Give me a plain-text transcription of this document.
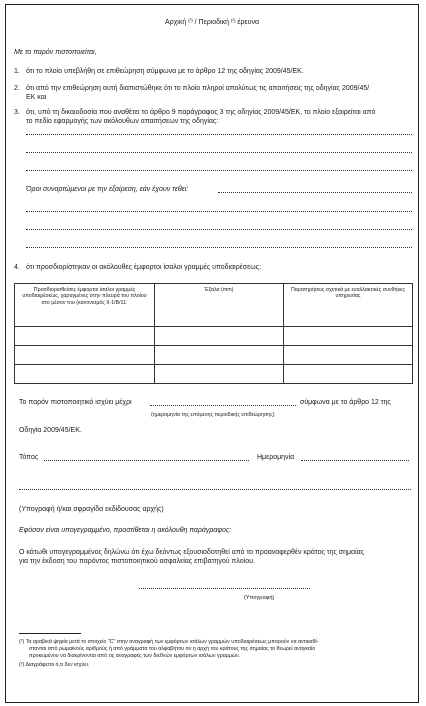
Αρχική $^{(^2)}$ / Περιοδική $^{(^2)}$ έρευνα
Με το παρόν πιστοποιείται,
1. ότι το πλοίο υπεβλήθη σε επιθεώρηση σύμφωνα με το άρθρο 12 της οδηγίας 2009/45/ΕΚ.
2. ότι από την επιθεώρηση αυτή διαπιστώθηκε ότι το πλοίο πληροί απολύτως τις απαιτήσεις της οδηγίας 2009/45/
ΕΚ και
3. ότι, υπό τη δικαιοδοσία που αναθέτει το άρθρο 9 παράγραφος 3 της οδηγίας 2009/45/ΕΚ, το πλοίο εξαιρείται από
το πεδίο εφαρμογής των ακόλουθων απαιτήσεων της οδηγίας:
Όροι συναρτώμενοι με την εξαίρεση, εάν έχουν τεθεί:
4. ότι προσδιορίστηκαν οι ακόλουθες έμφορτοι ίσαλοι γραμμές υποδιαιρέσεως:
Προσδιορισθείσες έμφορτοι ίσαλοι γραμμές υποδιαιρέσεως, χαραγμένες στην πλευρά του πλοίου στο μέσον του (κανονισμός II-1/Β/11:	Έξαλα (mm)	Παρατηρήσεις σχετικά με εναλλακτικές συνθήκες υπηρεσίας

Το παρόν πιστοποιητικό ισχύει μέχρι	σύμφωνα με το άρθρο 12 της
(ημερομηνία της επόμενης περιοδικής επιθεώρησης)
Οδηγία 2009/45/ΕΚ.
Τόπος	Ημερομηνία
(Υπογραφή ή/και σφραγίδα εκδίδουσας αρχής)
Εφόσον είναι υπογεγραμμένο, προστίθεται η ακόλουθη παράγραφος:
Ο κάτωθι υπογεγραμμένος δηλώνω ότι έχω δεόντως εξουσιοδοτηθεί από το προαναφερθέν κράτος της σημαίας
για την έκδοση του παρόντος πιστοποιητικού ασφαλείας επιβατηγού πλοίου.
(Υπογραφή)
(¹) Τα αραβικά ψηφία μετά το στοιχείο "C" στην αναγραφή των εμφόρτων ισάλων γραμμών υποδιαιρέσεως μπορούν να αντικαθί-
στανται από ρωμαϊκούς αριθμούς ή από γράμματα του αλφαβήτου αν η αρχή του κράτους της σημαίας το θεωρεί αναγκαίο
προκειμένου να διακρίνονται από τις αναγραφές των διεθνών εμφόρτων ισάλων γραμμών.
(²) Διαγράφεται ό,τι δεν ισχύει.
